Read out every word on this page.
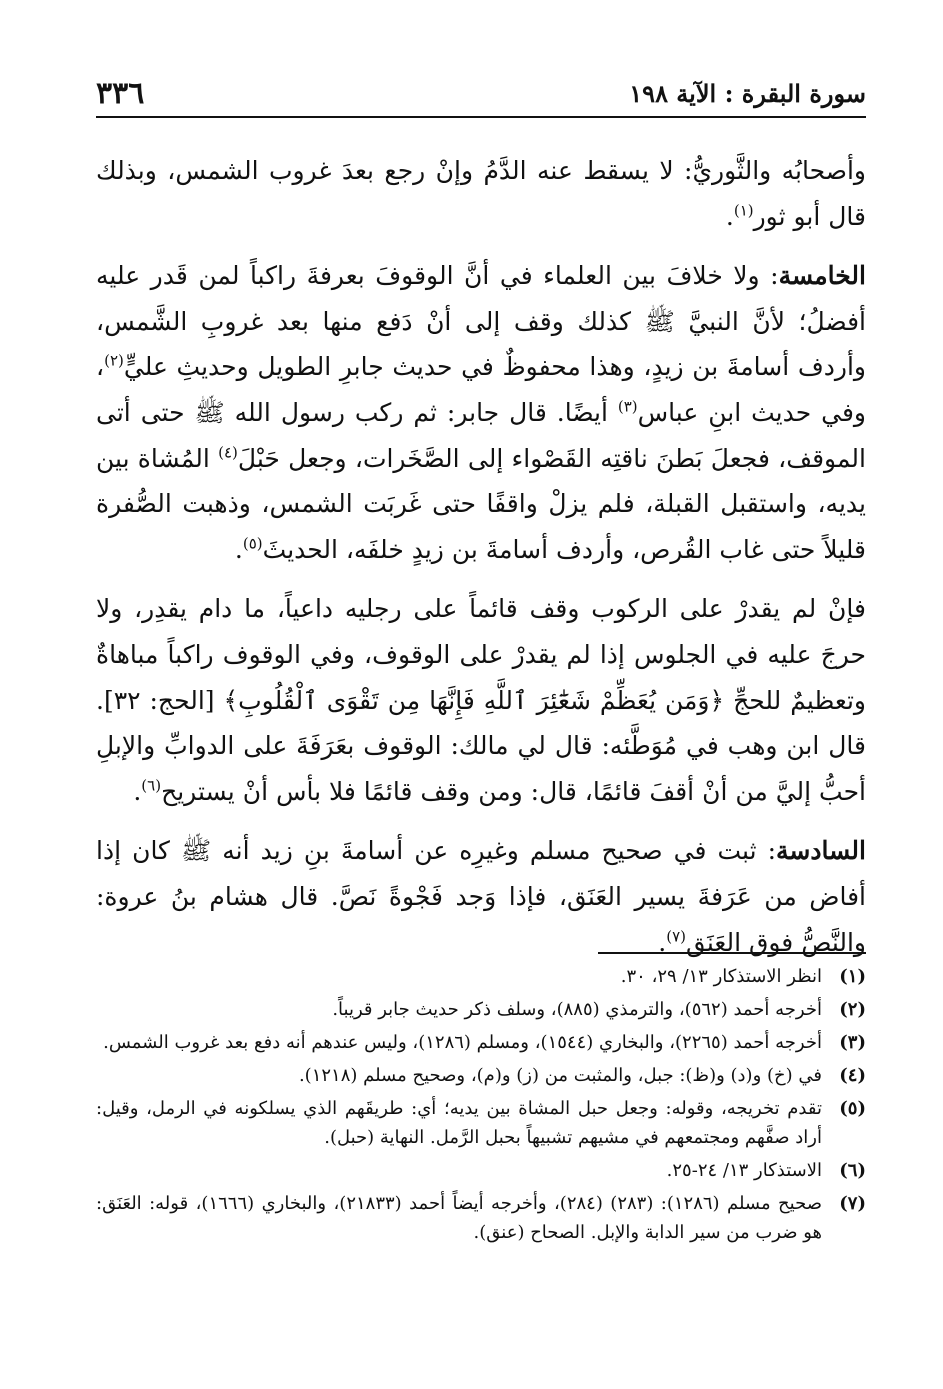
٣٣٦	سورة البقرة : الآية ١٩٨

وأصحابُه والثَّوريُّ: لا يسقط عنه الدَّمُ وإنْ رجع بعدَ غروب الشمس، وبذلك قال أبو ثور$^{(١)}$.

الخامسة: ولا خلافَ بين العلماء في أنَّ الوقوفَ بعرفةَ راكباً لمن قَدر عليه أفضلُ؛ لأنَّ النبيَّ ﷺ كذلك وقف إلى أنْ دَفع منها بعد غروبِ الشَّمس، وأردف أسامةَ بن زيدٍ، وهذا محفوظٌ في حديث جابرِ الطويل وحديثِ عليٍّ$^{(٢)}$، وفي حديث ابنِ عباس$^{(٣)}$ أيضًا. قال جابر: ثم ركب رسول الله ﷺ حتى أتى الموقف، فجعلَ بَطنَ ناقتِه القَصْواء إلى الصَّخَرات، وجعل حَبْلَ$^{(٤)}$ المُشاة بين يديه، واستقبل القبلة، فلم يزلْ واقفًا حتى غَربَت الشمس، وذهبت الصُّفرة قليلاً حتى غاب القُرص، وأردف أسامةَ بن زيدٍ خلفَه، الحديثَ$^{(٥)}$.

فإنْ لم يقدرْ على الركوب وقف قائماً على رجليه داعياً، ما دام يقدِر، ولا حرجَ عليه في الجلوس إذا لم يقدرْ على الوقوف، وفي الوقوف راكباً مباهاةٌ وتعظيمٌ للحجِّ ﴿وَمَن يُعَظِّمْ شَعَٰٓئِرَ ٱللَّهِ فَإِنَّهَا مِن تَقْوَى ٱلْقُلُوبِ﴾ [الحج: ٣٢]. قال ابن وهب في مُوَطَّئه: قال لي مالك: الوقوف بعَرَفَةَ على الدوابِّ والإبلِ أحبُّ إليَّ من أنْ أقفَ قائمًا، قال: ومن وقف قائمًا فلا بأس أنْ يستريح$^{(٦)}$.

السادسة: ثبت في صحيح مسلم وغيرِه عن أسامةَ بنِ زيد أنه ﷺ كان إذا أفاض من عَرَفةَ يسير العَنَق، فإذا وَجد فَجْوةً نَصَّ. قال هشام بنُ عروة: والنَّصُّ فوق العَنَق$^{(٧)}$.

(١)
انظر الاستذكار ١٣/ ٢٩، ٣٠.
(٢)
أخرجه أحمد (٥٦٢)، والترمذي (٨٨٥)، وسلف ذكر حديث جابر قريباً.
(٣)
أخرجه أحمد (٢٢٦٥)، والبخاري (١٥٤٤)، ومسلم (١٢٨٦)، وليس عندهم أنه دفع بعد غروب الشمس.
(٤)
في (خ) و(د) و(ظ): جبل، والمثبت من (ز) و(م)، وصحيح مسلم (١٢١٨).
(٥)
تقدم تخريجه، وقوله: وجعل حبل المشاة بين يديه؛ أي: طريقَهم الذي يسلكونه في الرمل، وقيل: أراد صفَّهم ومجتمعهم في مشيهم تشبيهاً بحبل الرَّمل. النهاية (حبل).
(٦)
الاستذكار ١٣/ ٢٤-٢٥.
(٧)
صحيح مسلم (١٢٨٦): (٢٨٣) (٢٨٤)، وأخرجه أيضاً أحمد (٢١٨٣٣)، والبخاري (١٦٦٦)، قوله: العَنَق: هو ضرب من سير الدابة والإبل. الصحاح (عنق).
